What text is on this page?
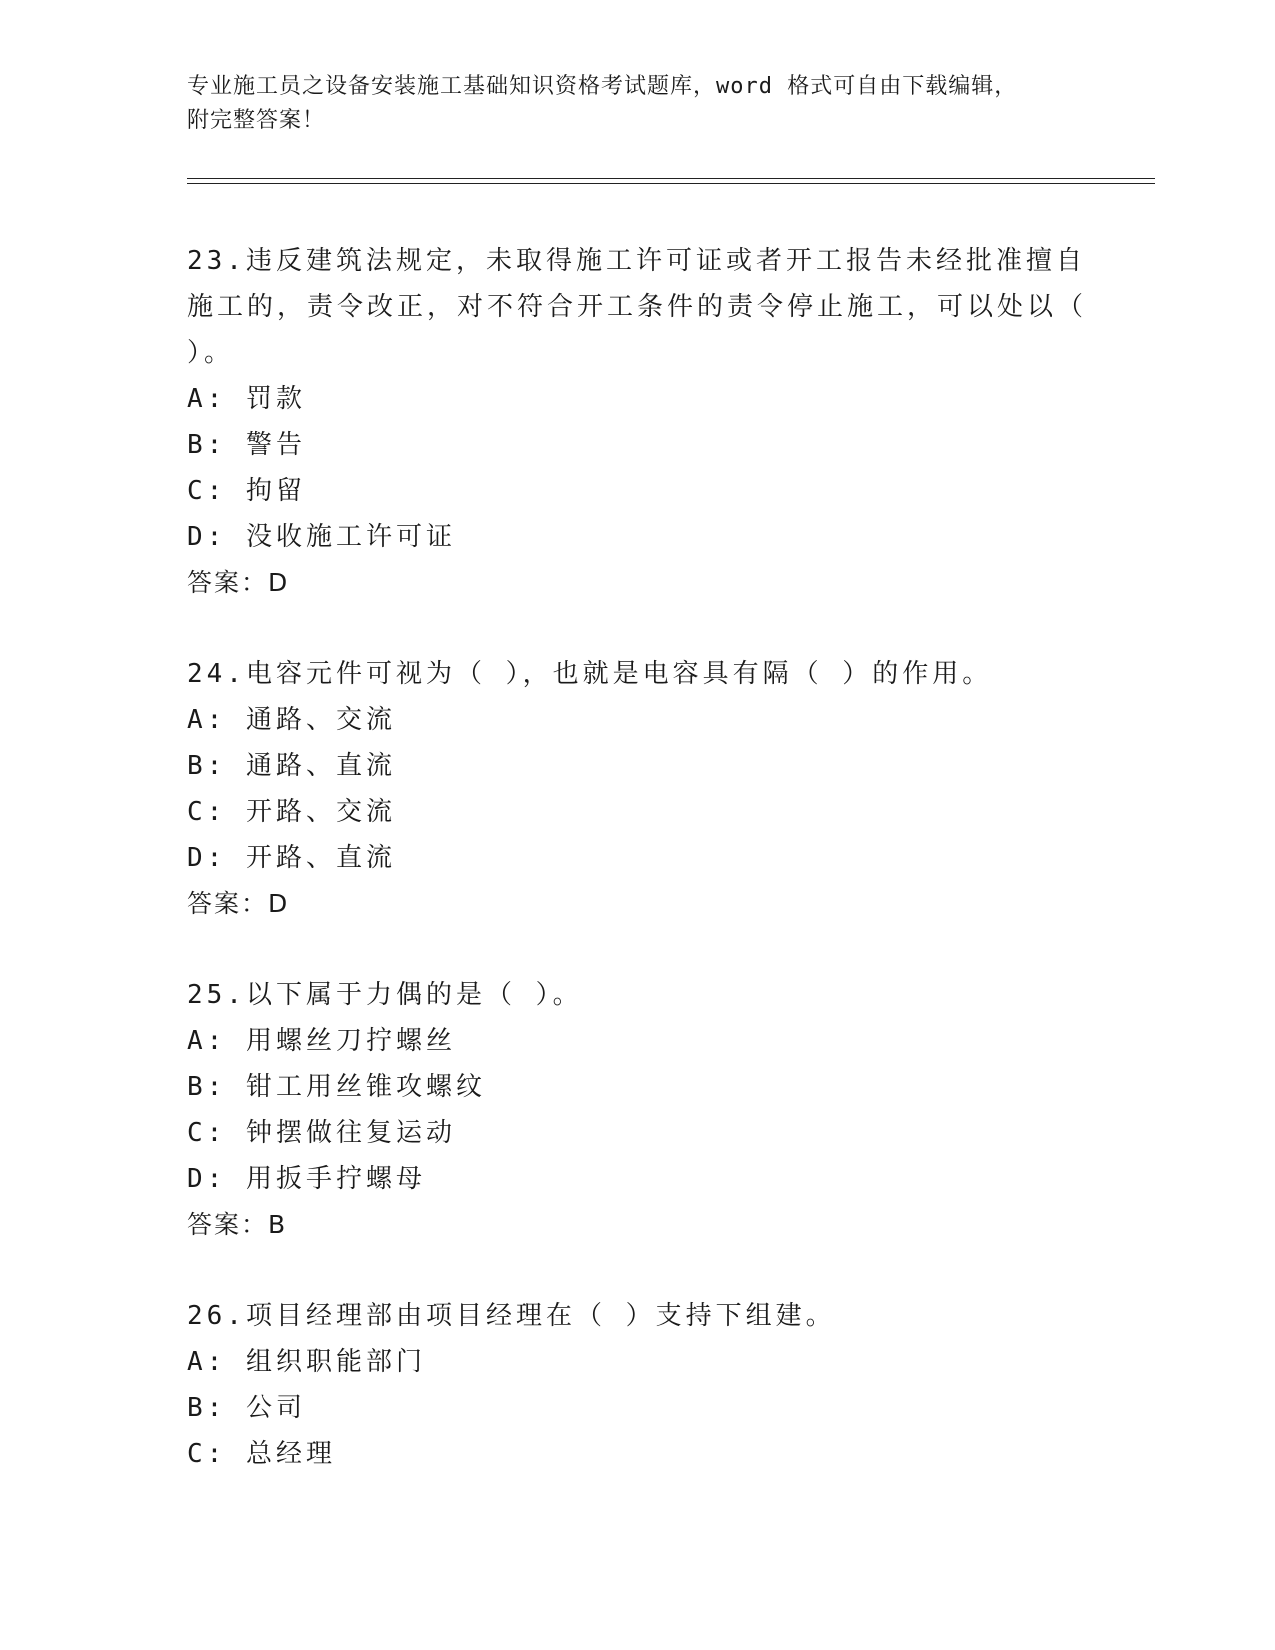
专业施工员之设备安装施工基础知识资格考试题库，word 格式可自由下载编辑，
附完整答案！
23.违反建筑法规定，未取得施工许可证或者开工报告未经批准擅自施工的，责令改正，对不符合开工条件的责令停止施工，可以处以（ ）。
A: 罚款
B: 警告
C: 拘留
D: 没收施工许可证
答案：D
24.电容元件可视为（ ），也就是电容具有隔（ ）的作用。
A: 通路、交流
B: 通路、直流
C: 开路、交流
D: 开路、直流
答案：D
25.以下属于力偶的是（ ）。
A: 用螺丝刀拧螺丝
B: 钳工用丝锥攻螺纹
C: 钟摆做往复运动
D: 用扳手拧螺母
答案：B
26.项目经理部由项目经理在（ ）支持下组建。
A: 组织职能部门
B: 公司
C: 总经理
